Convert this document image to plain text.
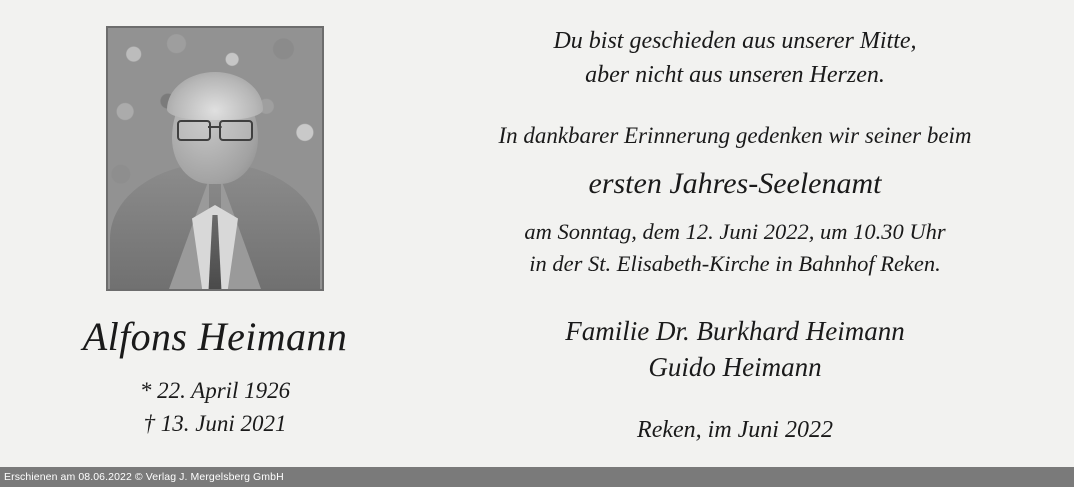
Alfons Heimann
* 22. April 1926
† 13. Juni 2021
Du bist geschieden aus unserer Mitte,
aber nicht aus unseren Herzen.
In dankbarer Erinnerung gedenken wir seiner beim
ersten Jahres-Seelenamt
am Sonntag, dem 12. Juni 2022, um 10.30 Uhr
in der St. Elisabeth-Kirche in Bahnhof Reken.
Familie Dr. Burkhard Heimann
Guido Heimann
Reken, im Juni 2022
Erschienen am 08.06.2022 © Verlag J. Mergelsberg GmbH
